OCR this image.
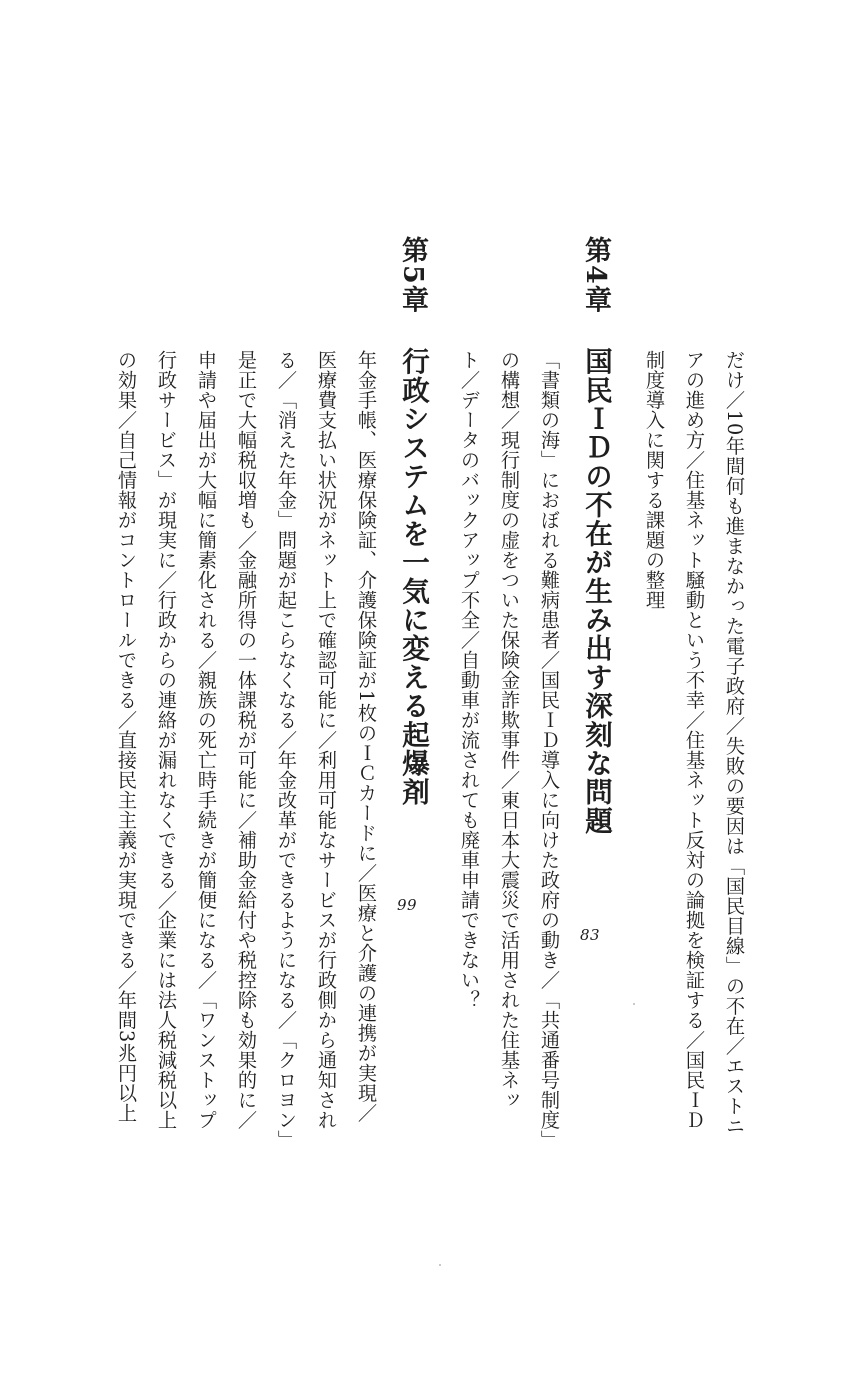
だけ／10年間何も進まなかった電子政府／失敗の要因は「国民目線」の不在／エストニ
アの進め方／住基ネット騒動という不幸／住基ネット反対の論拠を検証する／国民ＩＤ
制度導入に関する課題の整理
第4章
国民ＩＤの不在が生み出す深刻な問題
83
「書類の海」におぼれる難病患者／国民ＩＤ導入に向けた政府の動き／「共通番号制度」
の構想／現行制度の虚をついた保険金詐欺事件／東日本大震災で活用された住基ネッ
ト／データのバックアップ不全／自動車が流されても廃車申請できない？
第5章
行政システムを一気に変える起爆剤
99
年金手帳、医療保険証、介護保険証が1枚のＩＣカードに／医療と介護の連携が実現／
医療費支払い状況がネット上で確認可能に／利用可能なサービスが行政側から通知され
る／「消えた年金」問題が起こらなくなる／年金改革ができるようになる／「クロヨン」
是正で大幅税収増も／金融所得の一体課税が可能に／補助金給付や税控除も効果的に／
申請や届出が大幅に簡素化される／親族の死亡時手続きが簡便になる／「ワンストップ
行政サービス」が現実に／行政からの連絡が漏れなくできる／企業には法人税減税以上
の効果／自己情報がコントロールできる／直接民主主義が実現できる／年間3兆円以上
